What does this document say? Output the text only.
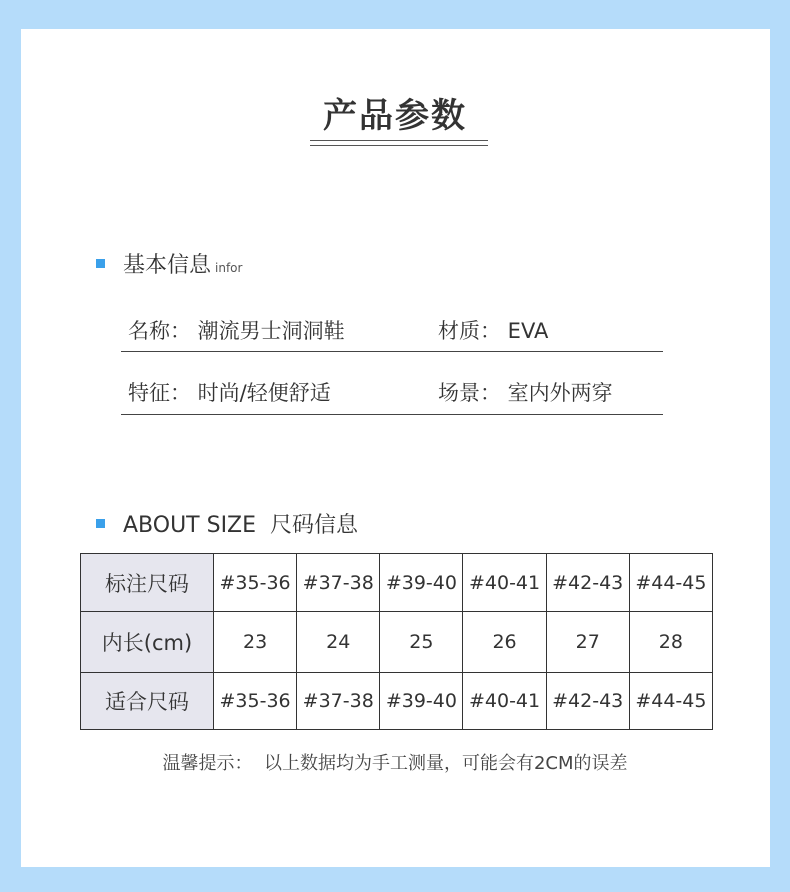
产品参数
基本信息 infor
名称： 潮流男士洞洞鞋	材质： EVA
特征： 时尚/轻便舒适	场景： 室内外两穿
ABOUT SIZE  尺码信息
标注尺码	#35-36	#37-38	#39-40	#40-41	#42-43	#44-45
内长(cm)	23	24	25	26	27	28
适合尺码	#35-36	#37-38	#39-40	#40-41	#42-43	#44-45
温馨提示：  以上数据均为手工测量，可能会有2CM的误差
